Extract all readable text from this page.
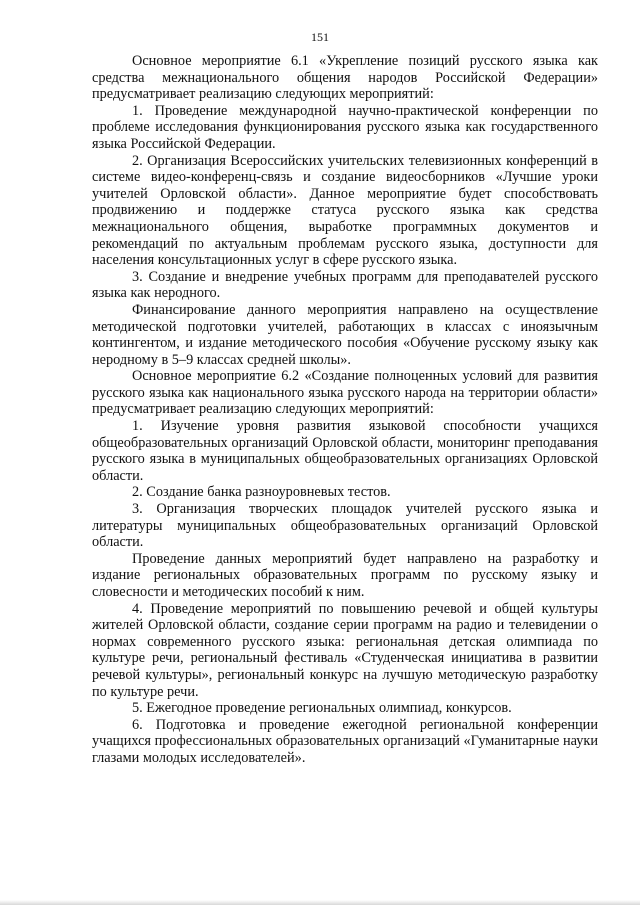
151

Основное мероприятие 6.1 «Укрепление позиций русского языка как средства межнационального общения народов Российской Федерации» предусматривает реализацию следующих мероприятий:

1. Проведение международной научно-практической конференции по проблеме исследования функционирования русского языка как государственного языка Российской Федерации.

2. Организация Всероссийских учительских телевизионных конференций в системе видео-конференц-связь и создание видеосборников «Лучшие уроки учителей Орловской области». Данное мероприятие будет способствовать продвижению и поддержке статуса русского языка как средства межнационального общения, выработке программных документов и рекомендаций по актуальным проблемам русского языка, доступности для населения консультационных услуг в сфере русского языка.

3. Создание и внедрение учебных программ для преподавателей русского языка как неродного.

Финансирование данного мероприятия направлено на осуществление методической подготовки учителей, работающих в классах с иноязычным контингентом, и издание методического пособия «Обучение русскому языку как неродному в 5–9 классах средней школы».

Основное мероприятие 6.2 «Создание полноценных условий для развития русского языка как национального языка русского народа на территории области» предусматривает реализацию следующих мероприятий:

1. Изучение уровня развития языковой способности учащихся общеобразовательных организаций Орловской области, мониторинг преподавания русского языка в муниципальных общеобразовательных организациях Орловской области.

2. Создание банка разноуровневых тестов.

3. Организация творческих площадок учителей русского языка и литературы муниципальных общеобразовательных организаций Орловской области.

Проведение данных мероприятий будет направлено на разработку и издание региональных образовательных программ по русскому языку и словесности и методических пособий к ним.

4. Проведение мероприятий по повышению речевой и общей культуры жителей Орловской области, создание серии программ на радио и телевидении о нормах современного русского языка: региональная детская олимпиада по культуре речи, региональный фестиваль «Студенческая инициатива в развитии речевой культуры», региональный конкурс на лучшую методическую разработку по культуре речи.

5. Ежегодное проведение региональных олимпиад, конкурсов.

6. Подготовка и проведение ежегодной региональной конференции учащихся профессиональных образовательных организаций «Гуманитарные науки глазами молодых исследователей».
